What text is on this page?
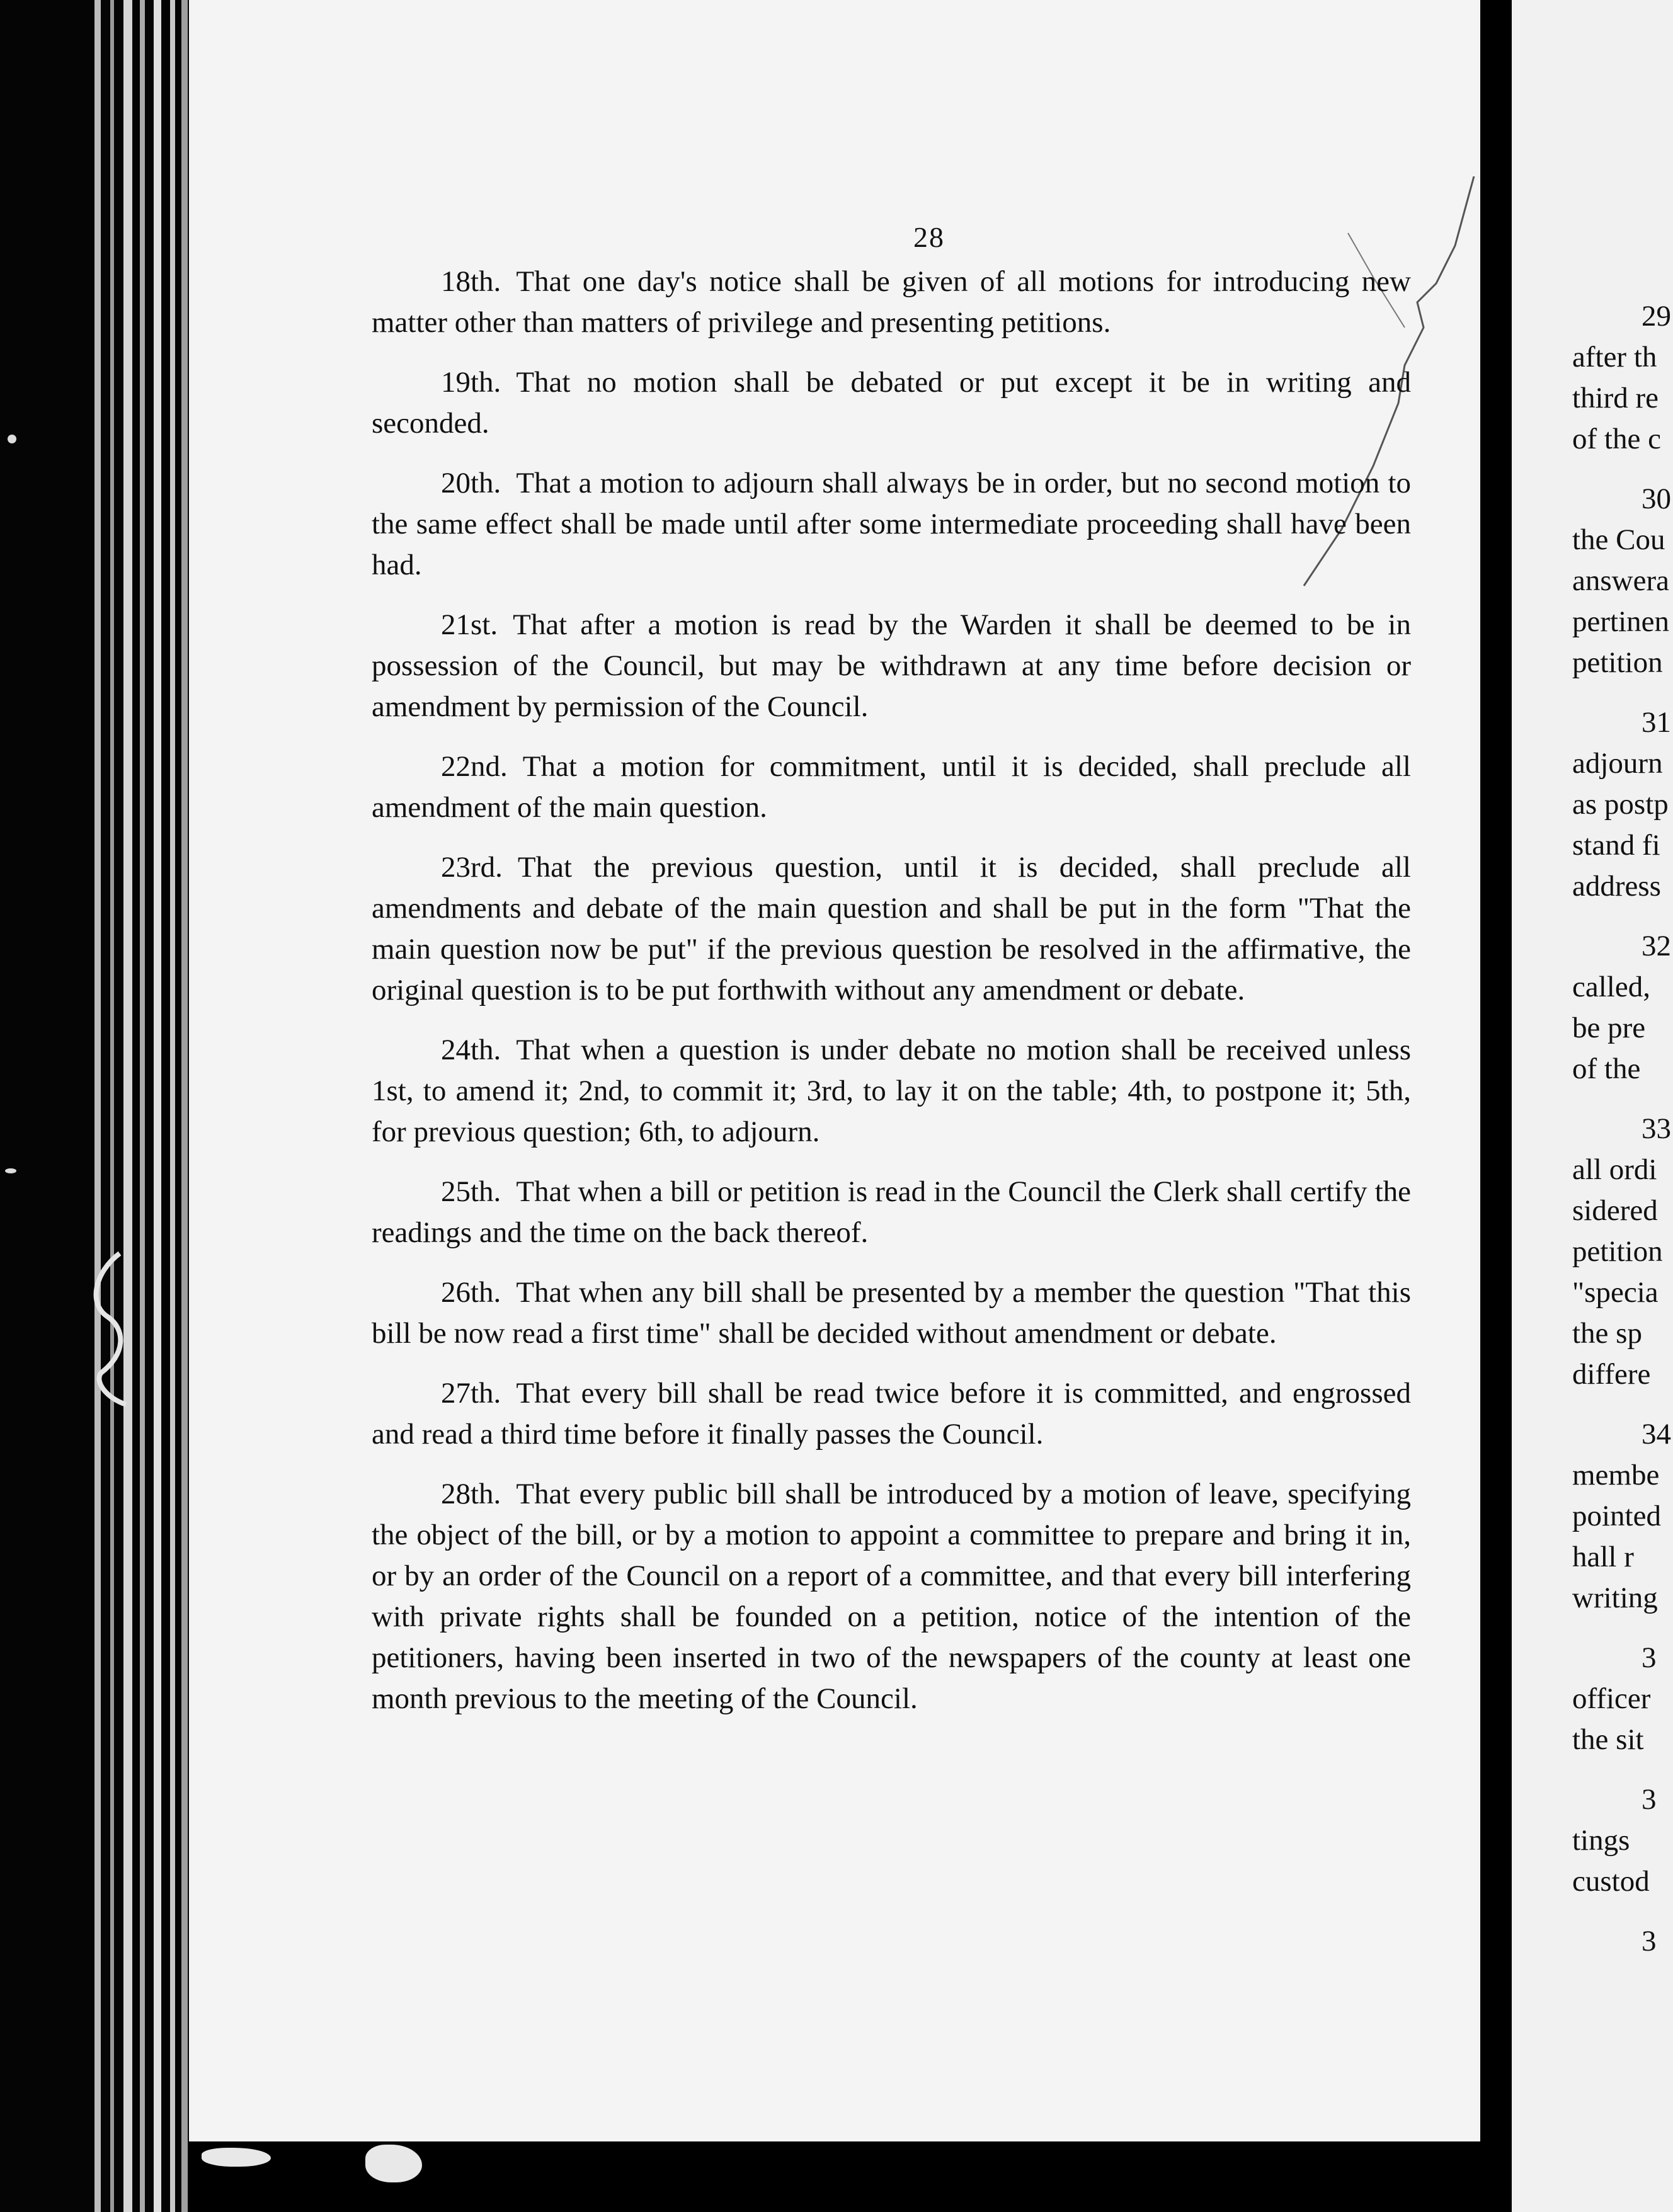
28

18th. That one day's notice shall be given of all motions for introducing new matter other than matters of privilege and presenting petitions.

19th. That no motion shall be debated or put except it be in writing and seconded.

20th. That a motion to adjourn shall always be in order, but no second motion to the same effect shall be made until after some intermediate proceeding shall have been had.

21st. That after a motion is read by the Warden it shall be deemed to be in possession of the Council, but may be withdrawn at any time before decision or amendment by permission of the Council.

22nd. That a motion for commitment, until it is decided, shall preclude all amendment of the main question.

23rd. That the previous question, until it is decided, shall preclude all amendments and debate of the main question and shall be put in the form "That the main question now be put" if the previous question be resolved in the affirmative, the original question is to be put forthwith without any amendment or debate.

24th. That when a question is under debate no motion shall be received unless 1st, to amend it; 2nd, to commit it; 3rd, to lay it on the table; 4th, to postpone it; 5th, for previous question; 6th, to adjourn.

25th. That when a bill or petition is read in the Council the Clerk shall certify the readings and the time on the back thereof.

26th. That when any bill shall be presented by a member the question "That this bill be now read a first time" shall be decided without amendment or debate.

27th. That every bill shall be read twice before it is committed, and engrossed and read a third time before it finally passes the Council.

28th. That every public bill shall be introduced by a motion of leave, specifying the object of the bill, or by a motion to appoint a committee to prepare and bring it in, or by an order of the Council on a report of a committee, and that every bill interfering with private rights shall be founded on a petition, notice of the intention of the petitioners, having been inserted in two of the newspapers of the county at least one month previous to the meeting of the Council.

29
after th
third re
of the c
30
the Cou
answera
pertinen
petition
31
adjourn
as postp
stand fi
address
32
called,
be pre
of the
33
all ordi
sidered
petition
"specia
the sp
differe
34
membe
pointed
hall r
writing
3
officer
the sit
3
tings
custod
3
